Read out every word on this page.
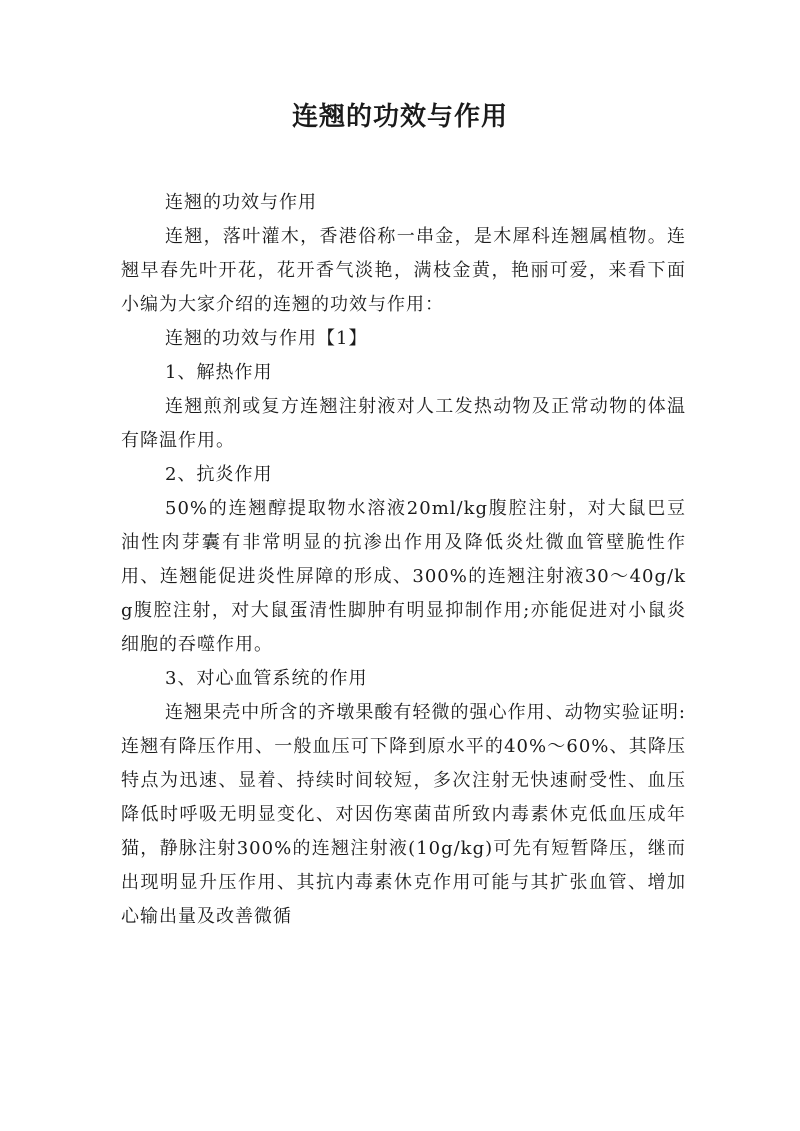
连翘的功效与作用

连翘的功效与作用

连翘，落叶灌木，香港俗称一串金，是木犀科连翘属植物。连翘早春先叶开花，花开香气淡艳，满枝金黄，艳丽可爱，来看下面小编为大家介绍的连翘的功效与作用：

连翘的功效与作用【1】

1、解热作用

连翘煎剂或复方连翘注射液对人工发热动物及正常动物的体温有降温作用。

2、抗炎作用

50%的连翘醇提取物水溶液20ml/kg腹腔注射，对大鼠巴豆油性肉芽囊有非常明显的抗渗出作用及降低炎灶微血管壁脆性作用、连翘能促进炎性屏障的形成、300%的连翘注射液30～40g/kg腹腔注射，对大鼠蛋清性脚肿有明显抑制作用;亦能促进对小鼠炎细胞的吞噬作用。

3、对心血管系统的作用

连翘果壳中所含的齐墩果酸有轻微的强心作用、动物实验证明:连翘有降压作用、一般血压可下降到原水平的40%～60%、其降压特点为迅速、显着、持续时间较短，多次注射无快速耐受性、血压降低时呼吸无明显变化、对因伤寒菌苗所致内毒素休克低血压成年猫，静脉注射300%的连翘注射液(10g/kg)可先有短暂降压，继而出现明显升压作用、其抗内毒素休克作用可能与其扩张血管、增加心输出量及改善微循
